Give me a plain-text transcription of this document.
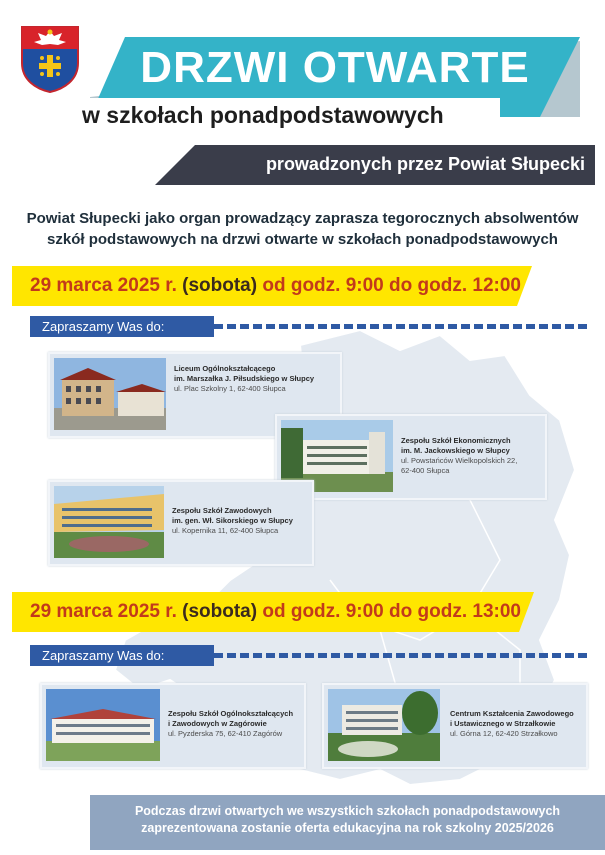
DRZWI OTWARTE
w szkołach ponadpodstawowych
prowadzonych przez Powiat Słupecki
Powiat Słupecki jako organ prowadzący zaprasza tegorocznych absolwentów
szkół podstawowych na drzwi otwarte w szkołach ponadpodstawowych
29 marca 2025 r. (sobota) od godz. 9:00 do godz. 12:00
Zapraszamy Was do:
Liceum Ogólnokształcącego
im. Marszałka J. Piłsudskiego w Słupcy
ul. Plac Szkolny 1, 62-400 Słupca
Zespołu Szkół Ekonomicznych
im. M. Jackowskiego w Słupcy
ul. Powstańców Wielkopolskich 22,
62-400 Słupca
Zespołu Szkół Zawodowych
im. gen. Wł. Sikorskiego w Słupcy
ul. Kopernika 11, 62-400 Słupca
29 marca 2025 r. (sobota) od godz. 9:00 do godz. 13:00
Zapraszamy Was do:
Zespołu Szkół Ogólnokształcących
i Zawodowych w Zagórowie
ul. Pyzderska 75, 62-410 Zagórów
Centrum Kształcenia Zawodowego
i Ustawicznego w Strzałkowie
ul. Górna 12, 62-420 Strzałkowo
Podczas drzwi otwartych we wszystkich szkołach ponadpodstawowych
zaprezentowana zostanie oferta edukacyjna na rok szkolny 2025/2026
